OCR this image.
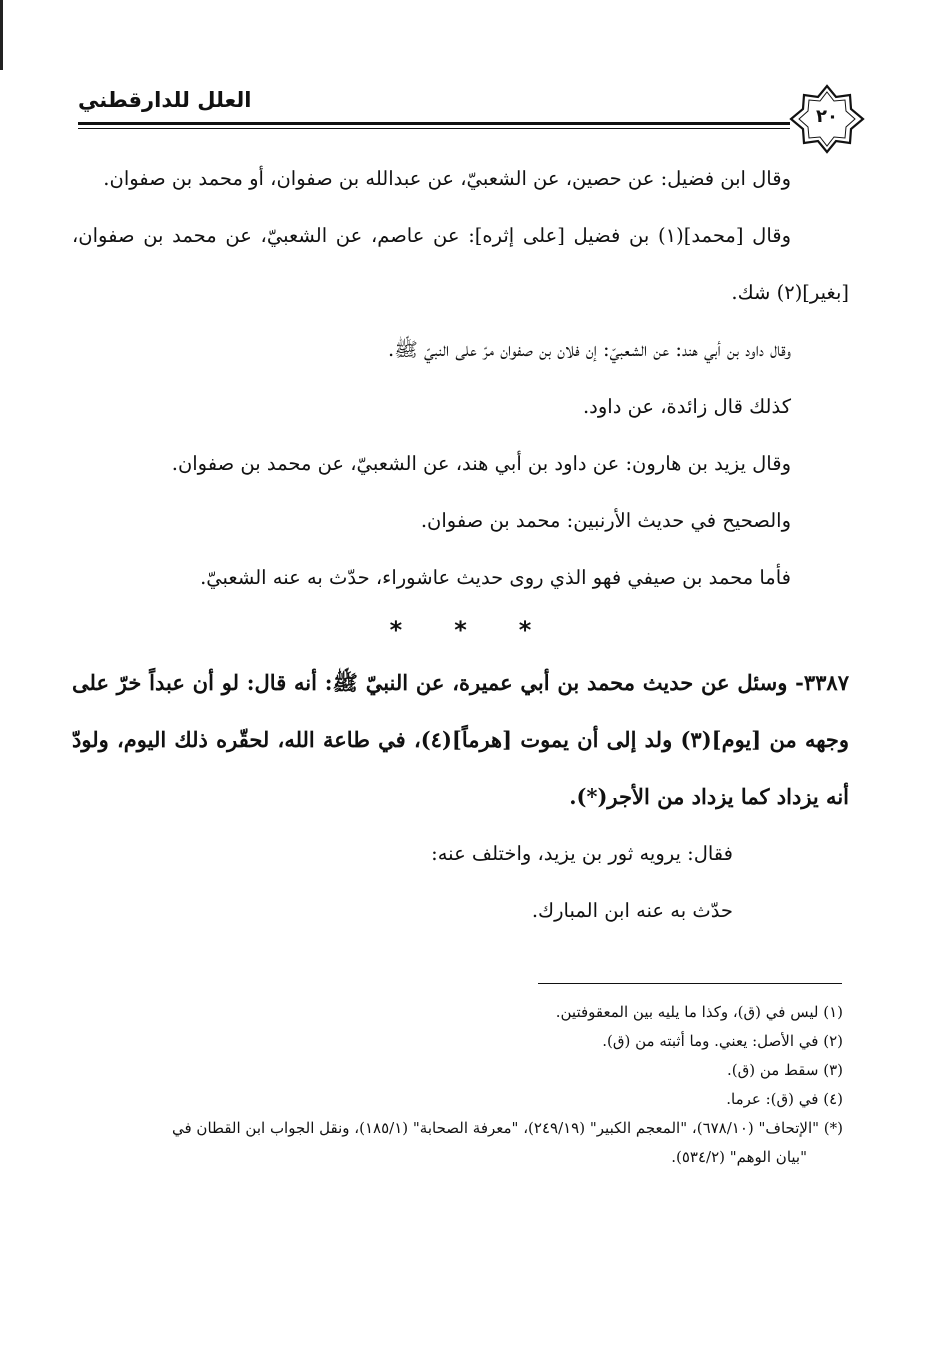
العلل للدارقطني
٢٠

وقال ابن فضيل: عن حصين، عن الشعبيّ، عن عبدالله بن صفوان، أو محمد بن صفوان.

وقال [محمد](١) بن فضيل [على إثره]: عن عاصم، عن الشعبيّ، عن محمد بن صفوان، [بغير](٢) شك.

وقال داود بن أبي هند: عن الشعبيّ: إن فلان بن صفوان مرّ على النبيّ ﷺ.

كذلك قال زائدة، عن داود.

وقال يزيد بن هارون: عن داود بن أبي هند، عن الشعبيّ، عن محمد بن صفوان.

والصحيح في حديث الأرنبين: محمد بن صفوان.

فأما محمد بن صيفي فهو الذي روى حديث عاشوراء، حدّث به عنه الشعبيّ.

* * *

٣٣٨٧- وسئل عن حديث محمد بن أبي عميرة، عن النبيّ ﷺ: أنه قال: لو أن عبداً خرّ على وجهه من [يوم](٣) ولد إلى أن يموت [هرماً](٤)، في طاعة الله، لحقّره ذلك اليوم، ولودّ أنه يزداد كما يزداد من الأجر(*).

فقال: يرويه ثور بن يزيد، واختلف عنه:

حدّث به عنه ابن المبارك.

(١) ليس في (ق)، وكذا ما يليه بين المعقوفتين.

(٢) في الأصل: يعني. وما أثبته من (ق).

(٣) سقط من (ق).

(٤) في (ق): عرما.

(*) "الإتحاف" (٦٧٨/١٠)، "المعجم الكبير" (٢٤٩/١٩)، "معرفة الصحابة" (١٨٥/١)، ونقل الجواب ابن القطان في

"بيان الوهم" (٥٣٤/٢).
